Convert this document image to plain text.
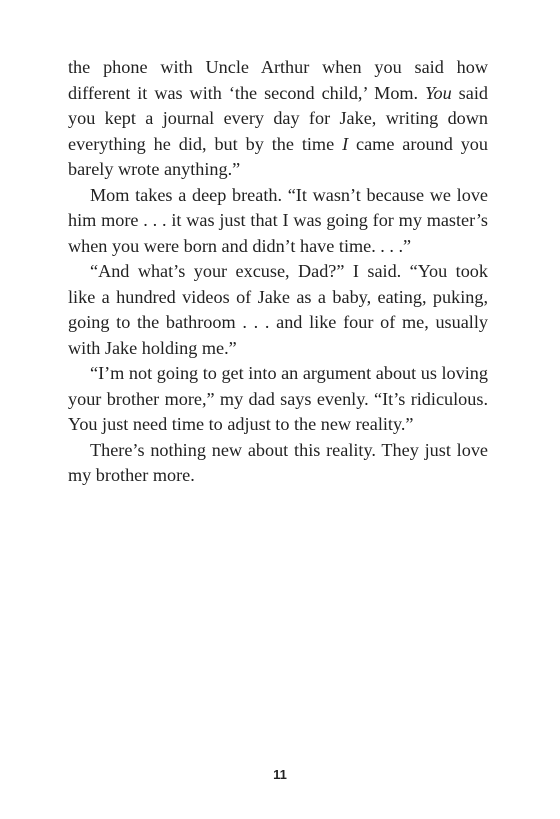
the phone with Uncle Arthur when you said how different it was with ‘the second child,’ Mom. You said you kept a journal every day for Jake, writing down everything he did, but by the time I came around you barely wrote anything.”

Mom takes a deep breath. “It wasn’t because we love him more . . . it was just that I was going for my master’s when you were born and didn’t have time. . . .”

“And what’s your excuse, Dad?” I said. “You took like a hundred videos of Jake as a baby, eating, puking, going to the bathroom . . . and like four of me, usually with Jake holding me.”

“I’m not going to get into an argument about us loving your brother more,” my dad says evenly. “It’s ridiculous. You just need time to adjust to the new reality.”

There’s nothing new about this reality. They just love my brother more.

11
